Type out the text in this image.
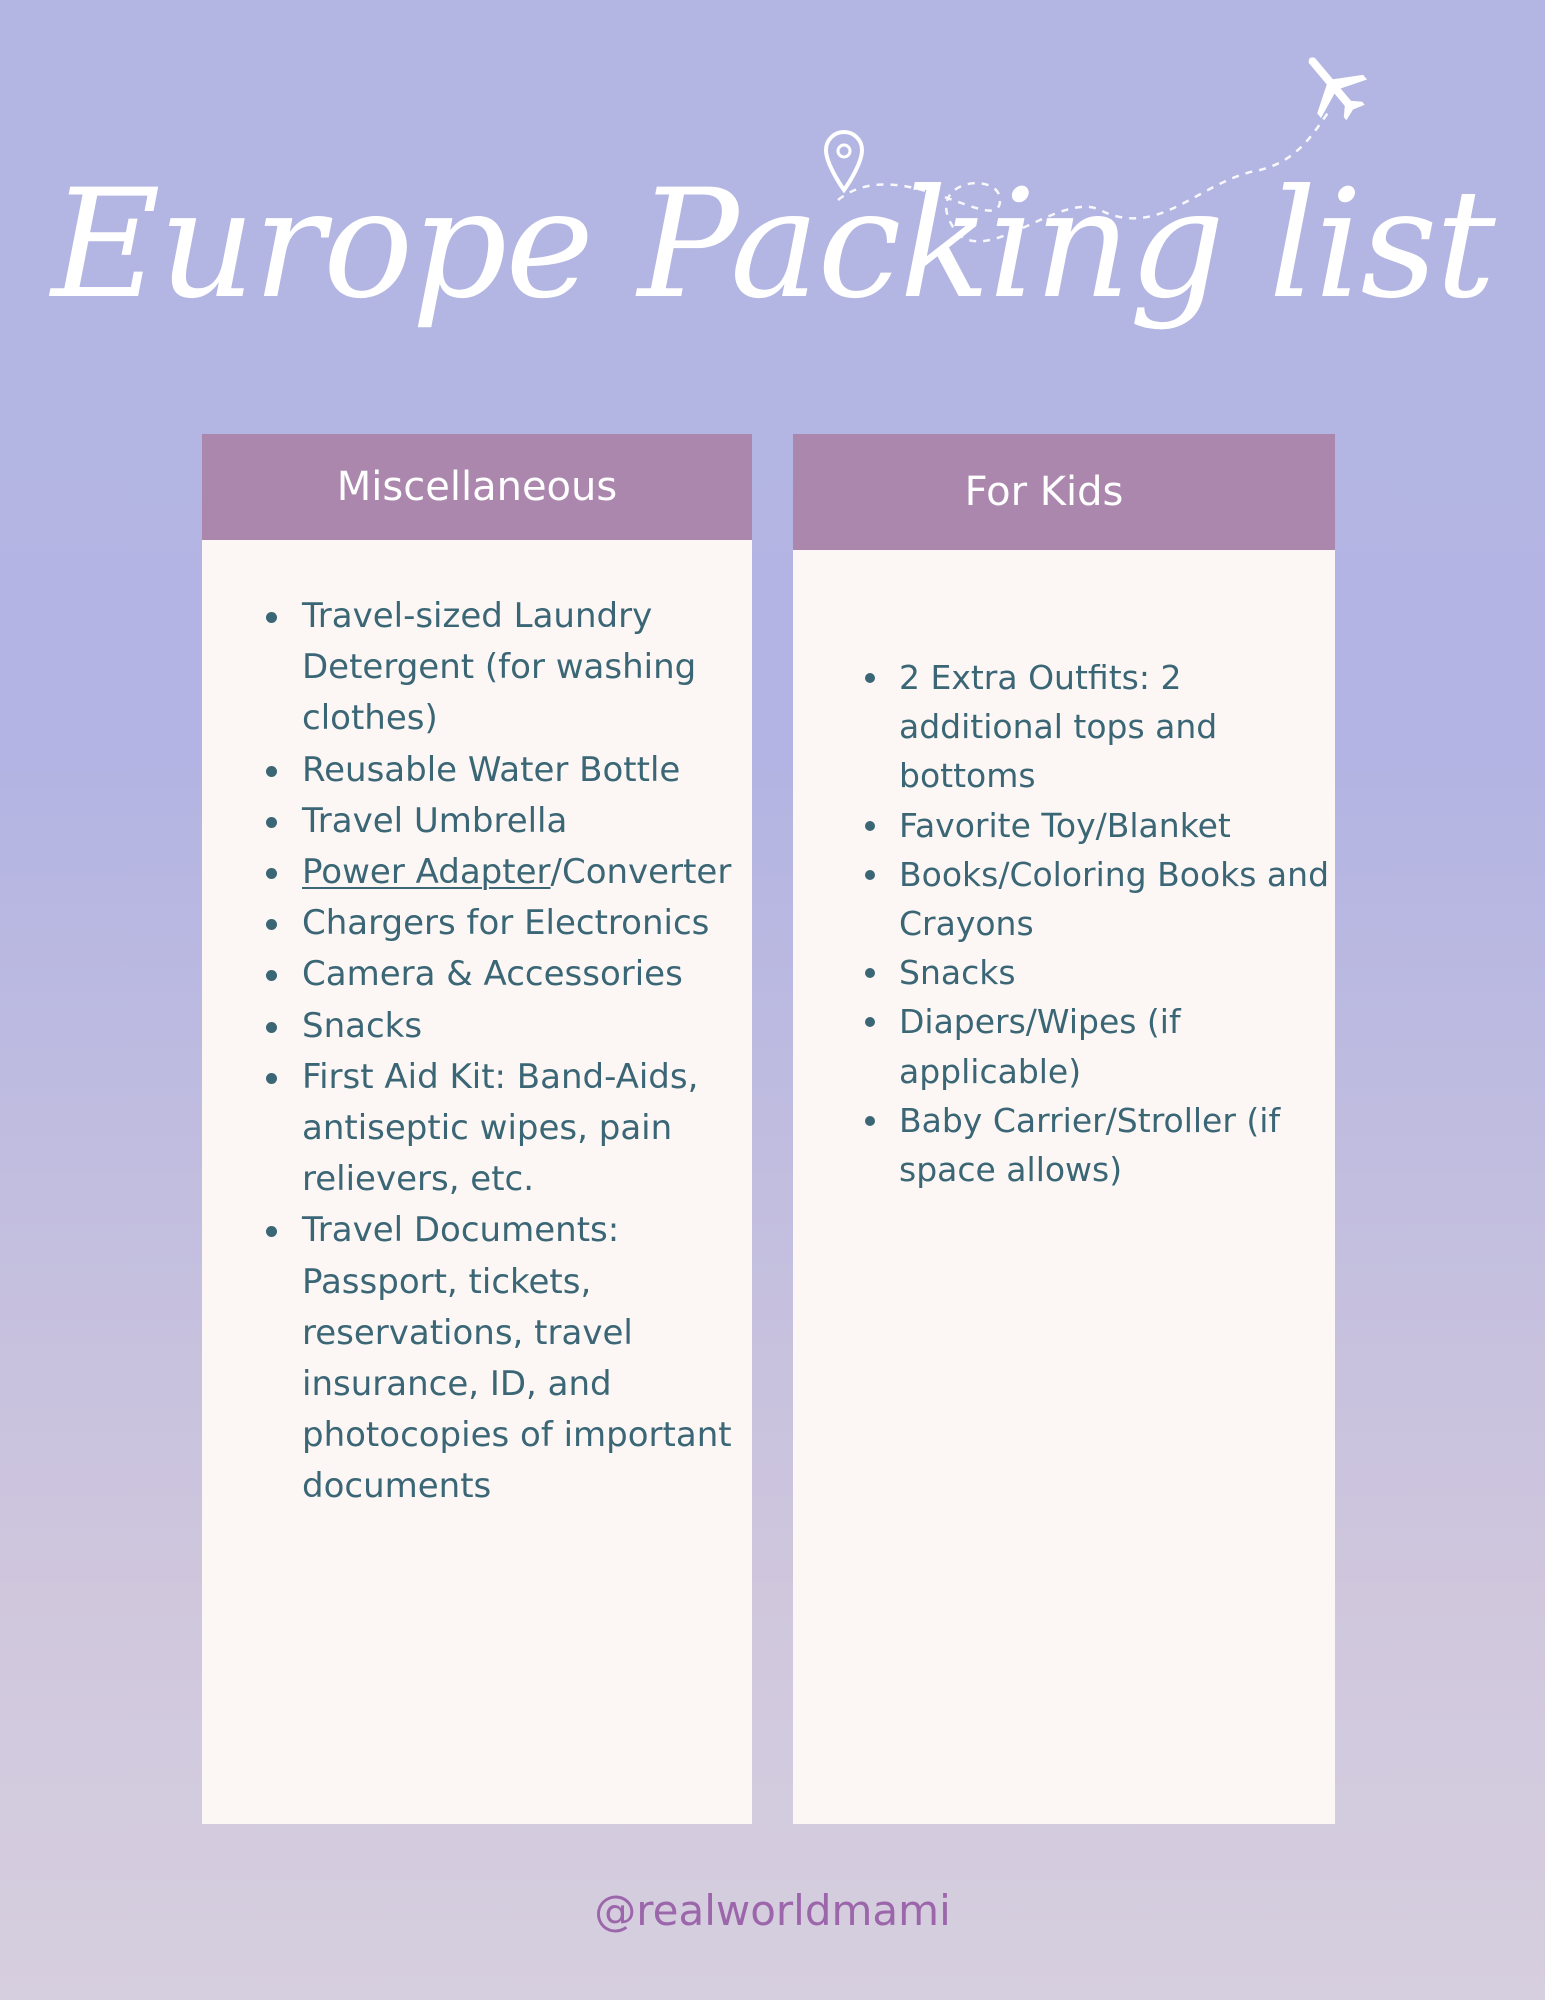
Europe Packing list
Miscellaneous
Travel-sized Laundry Detergent (for washing clothes)
Reusable Water Bottle
Travel Umbrella
Power Adapter/Converter
Chargers for Electronics
Camera & Accessories
Snacks
First Aid Kit: Band-Aids, antiseptic wipes, pain relievers, etc.
Travel Documents: Passport, tickets, reservations, travel insurance, ID, and photocopies of important documents
For Kids
2 Extra Outfits: 2 additional tops and bottoms
Favorite Toy/Blanket
Books/Coloring Books and Crayons
Snacks
Diapers/Wipes (if applicable)
Baby Carrier/Stroller (if space allows)
@realworldmami
